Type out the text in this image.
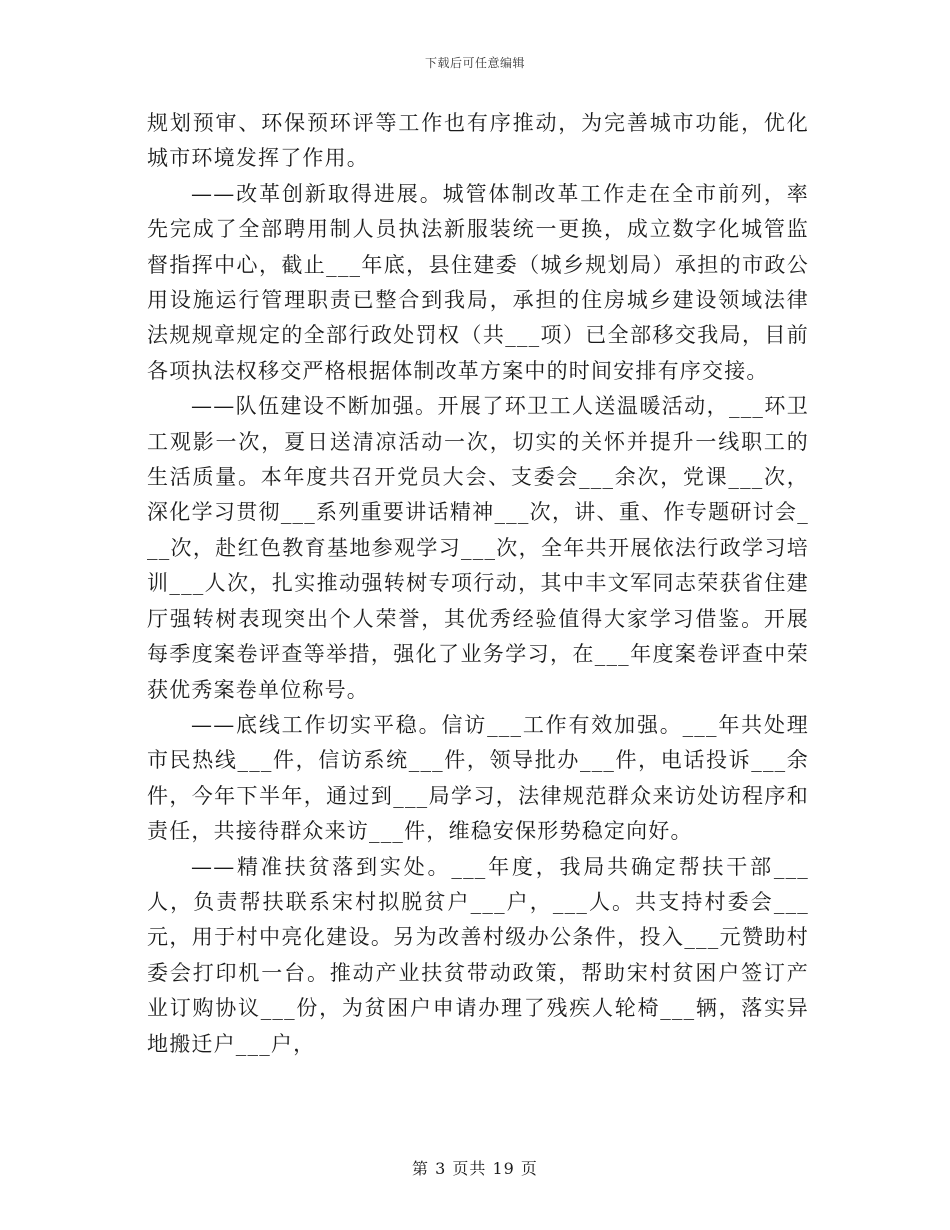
下载后可任意编辑

规划预审、环保预环评等工作也有序推动，为完善城市功能，优化城市环境发挥了作用。

——改革创新取得进展。城管体制改革工作走在全市前列，率先完成了全部聘用制人员执法新服装统一更换，成立数字化城管监督指挥中心，截止___年底，县住建委（城乡规划局）承担的市政公用设施运行管理职责已整合到我局，承担的住房城乡建设领域法律法规规章规定的全部行政处罚权（共___项）已全部移交我局，目前各项执法权移交严格根据体制改革方案中的时间安排有序交接。

——队伍建设不断加强。开展了环卫工人送温暖活动，___环卫工观影一次，夏日送清凉活动一次，切实的关怀并提升一线职工的生活质量。本年度共召开党员大会、支委会___余次，党课___次，深化学习贯彻___系列重要讲话精神___次，讲、重、作专题研讨会___次，赴红色教育基地参观学习___次，全年共开展依法行政学习培训___人次，扎实推动强转树专项行动，其中丰文军同志荣获省住建厅强转树表现突出个人荣誉，其优秀经验值得大家学习借鉴。开展每季度案卷评查等举措，强化了业务学习，在___年度案卷评查中荣获优秀案卷单位称号。

——底线工作切实平稳。信访___工作有效加强。___年共处理市民热线___件，信访系统___件，领导批办___件，电话投诉___余件，今年下半年，通过到___局学习，法律规范群众来访处访程序和责任，共接待群众来访___件，维稳安保形势稳定向好。

——精准扶贫落到实处。___年度，我局共确定帮扶干部___人，负责帮扶联系宋村拟脱贫户___户，___人。共支持村委会___元，用于村中亮化建设。另为改善村级办公条件，投入___元赞助村委会打印机一台。推动产业扶贫带动政策，帮助宋村贫困户签订产业订购协议___份，为贫困户申请办理了残疾人轮椅___辆，落实异地搬迁户___户，

第 3 页共 19 页
